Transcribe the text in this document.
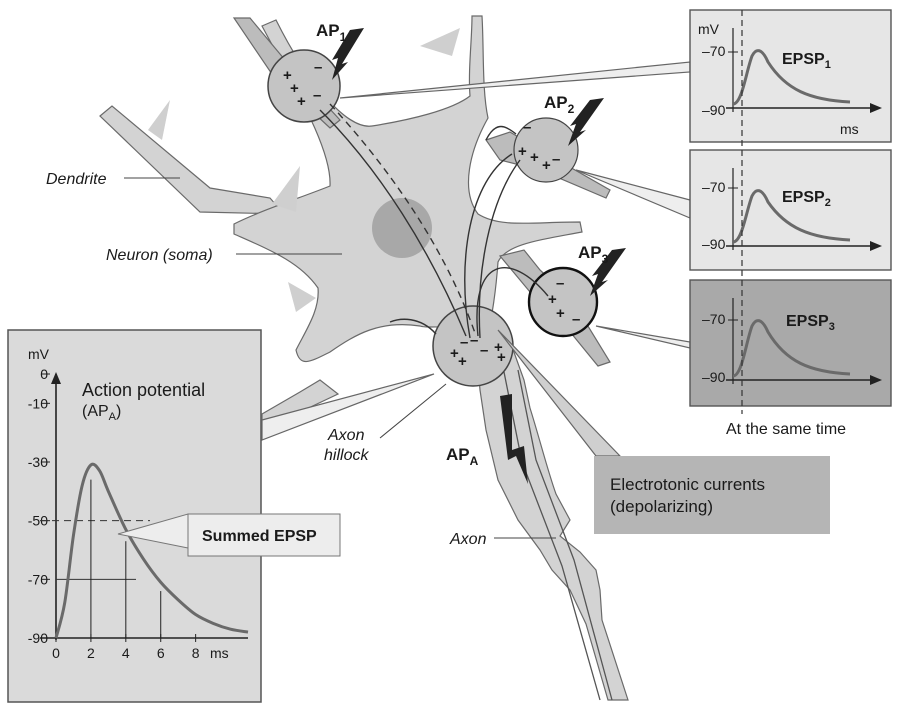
0
-10
-30
-50
-70
-90
0 2 4 6 8
mV
Action potential
$(AP_A)$
ms
+
+
+
–
–
+ + +
–
–
+
+
–
–
+ +
+
+
– –
–
mV
–70
–90
ms
$EPSP_1$
–70
–90
$EPSP_2$
–70
–90
$EPSP_3$
At the same time
Dendrite
Neuron (soma)
Axon
hillock
Axon
$AP_1$
$AP_2$
$AP_3$
$AP_A$
Electrotonic currents
(depolarizing)
Summed EPSP
